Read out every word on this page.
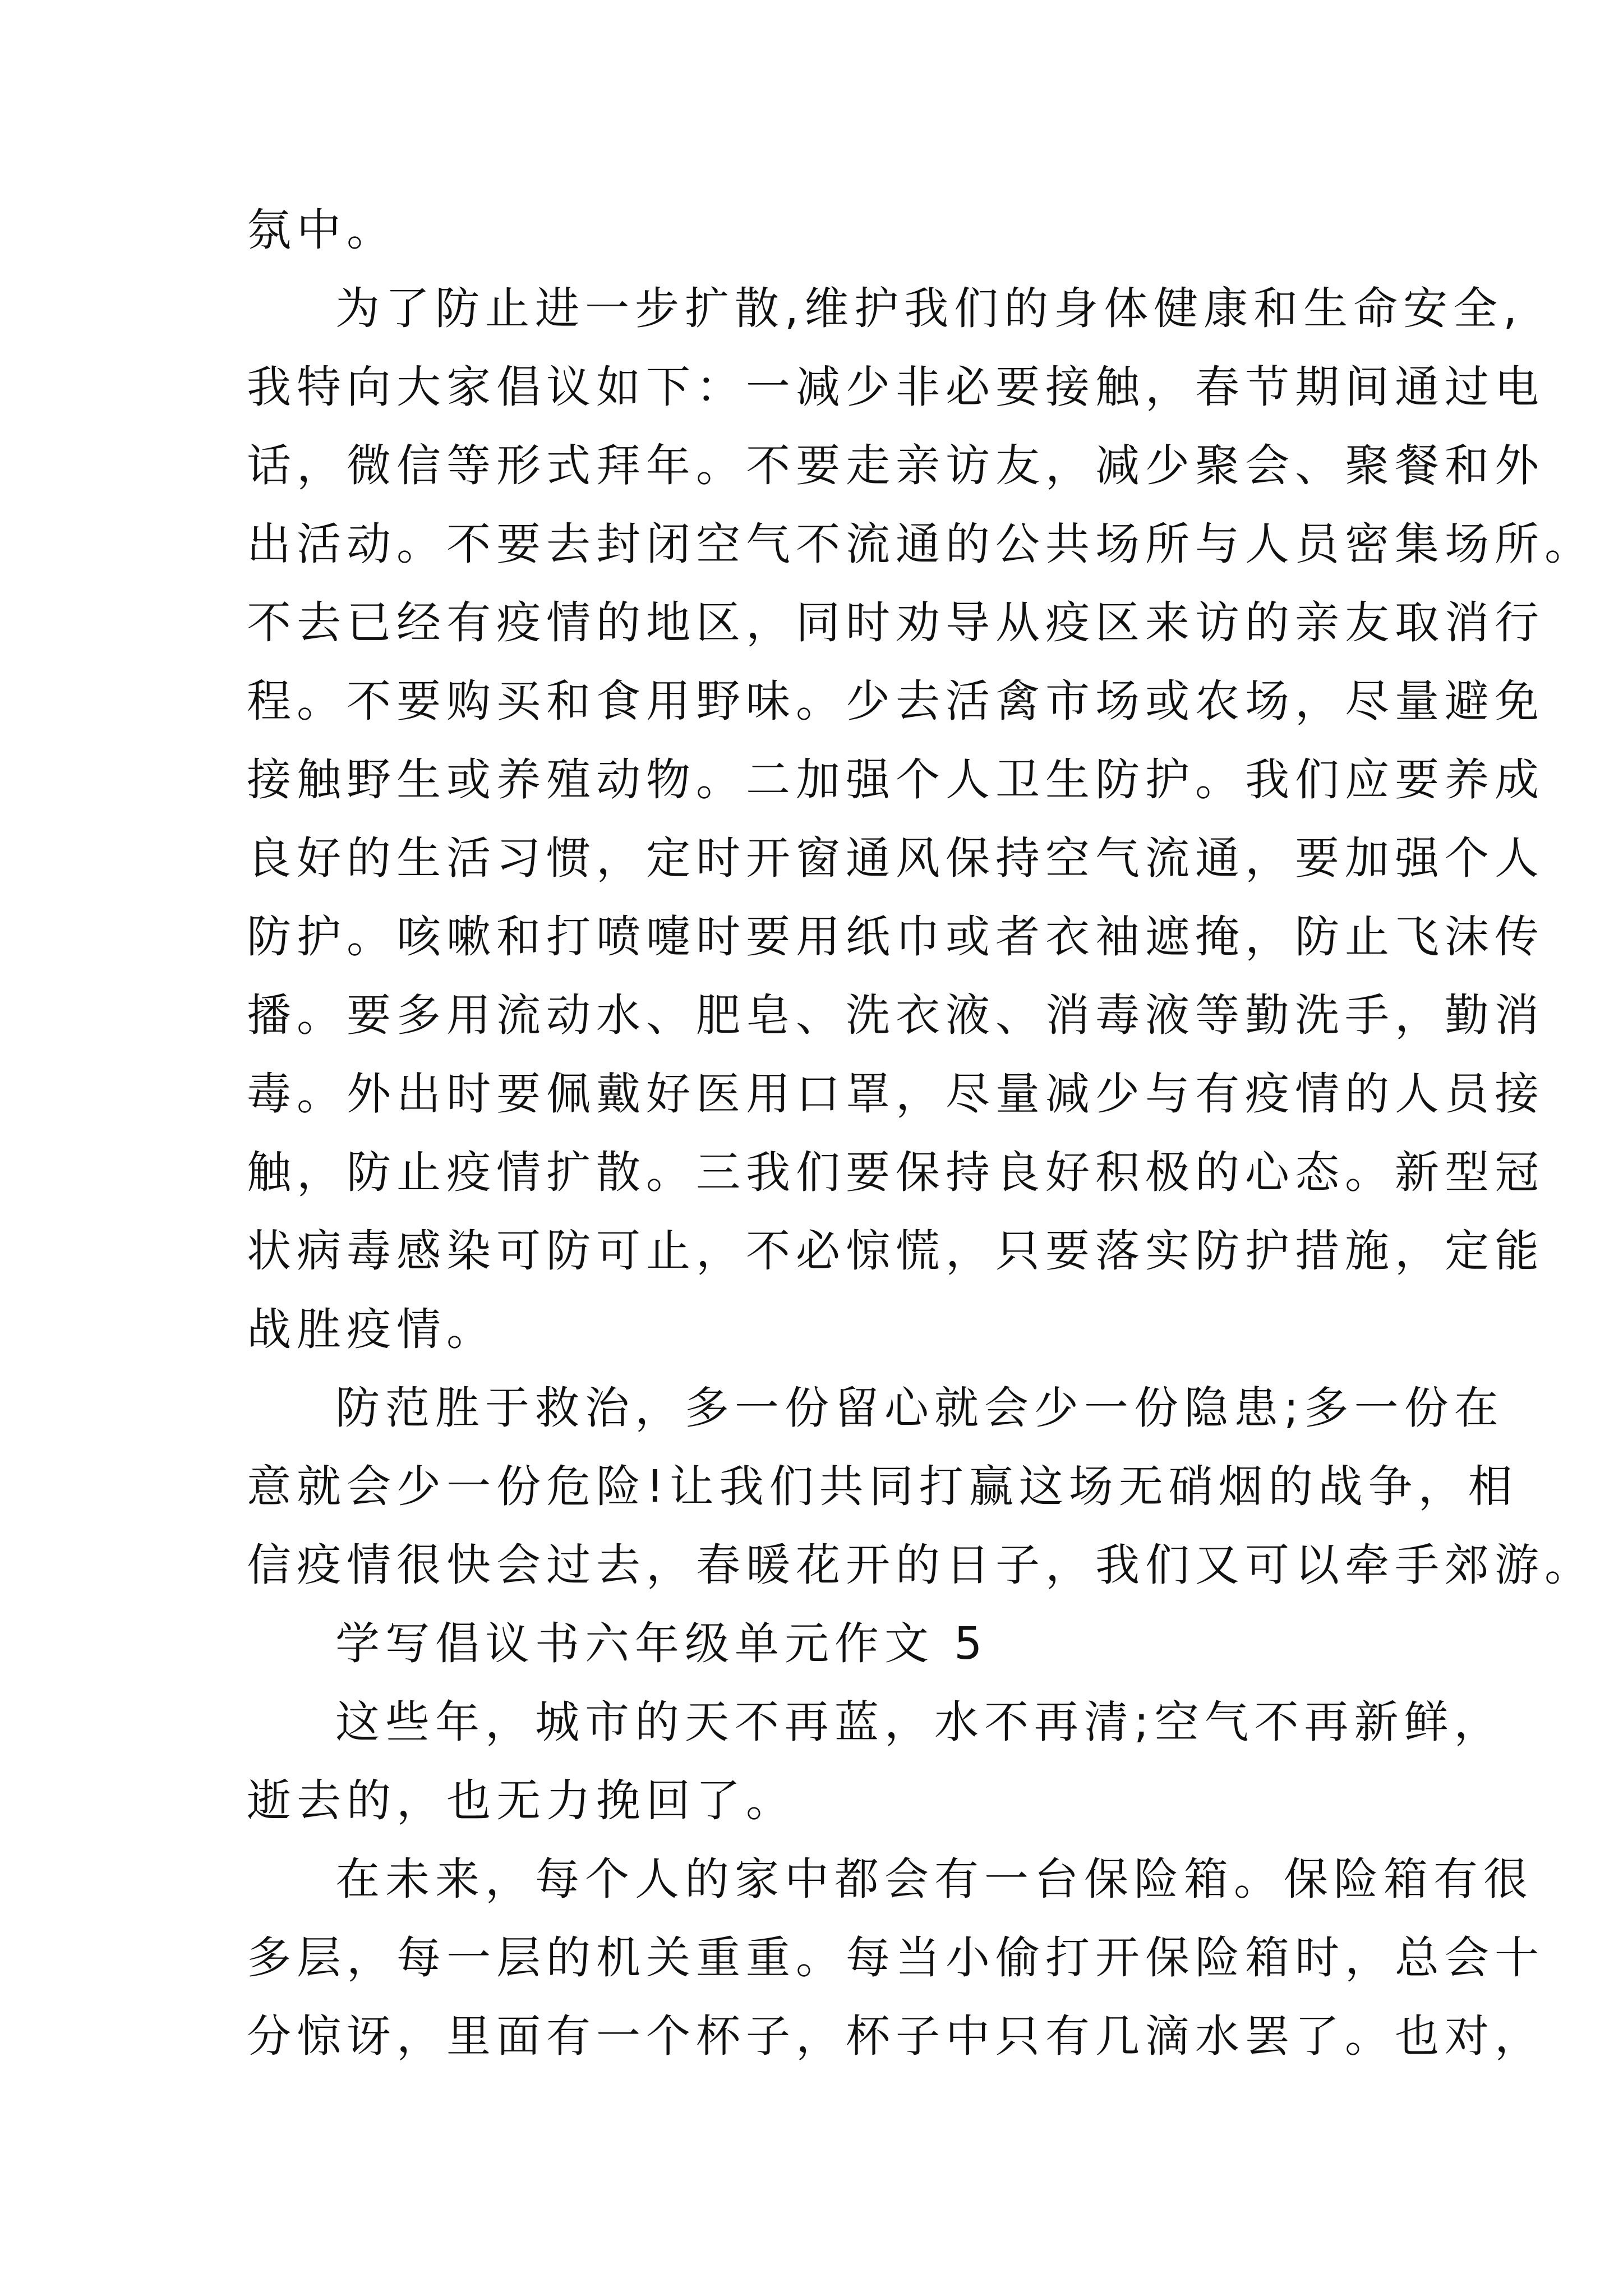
氛中。
为了防止进一步扩散,维护我们的身体健康和生命安全,
我特向大家倡议如下：一减少非必要接触，春节期间通过电
话，微信等形式拜年。不要走亲访友，减少聚会、聚餐和外
出活动。不要去封闭空气不流通的公共场所与人员密集场所。
不去已经有疫情的地区，同时劝导从疫区来访的亲友取消行
程。不要购买和食用野味。少去活禽市场或农场，尽量避免
接触野生或养殖动物。二加强个人卫生防护。我们应要养成
良好的生活习惯，定时开窗通风保持空气流通，要加强个人
防护。咳嗽和打喷嚏时要用纸巾或者衣袖遮掩，防止飞沫传
播。要多用流动水、肥皂、洗衣液、消毒液等勤洗手，勤消
毒。外出时要佩戴好医用口罩，尽量减少与有疫情的人员接
触，防止疫情扩散。三我们要保持良好积极的心态。新型冠
状病毒感染可防可止，不必惊慌，只要落实防护措施，定能
战胜疫情。
防范胜于救治，多一份留心就会少一份隐患;多一份在
意就会少一份危险!让我们共同打赢这场无硝烟的战争，相
信疫情很快会过去，春暖花开的日子，我们又可以牵手郊游。
学写倡议书六年级单元作文 5
这些年，城市的天不再蓝，水不再清;空气不再新鲜，
逝去的，也无力挽回了。
在未来，每个人的家中都会有一台保险箱。保险箱有很
多层，每一层的机关重重。每当小偷打开保险箱时，总会十
分惊讶，里面有一个杯子，杯子中只有几滴水罢了。也对，
